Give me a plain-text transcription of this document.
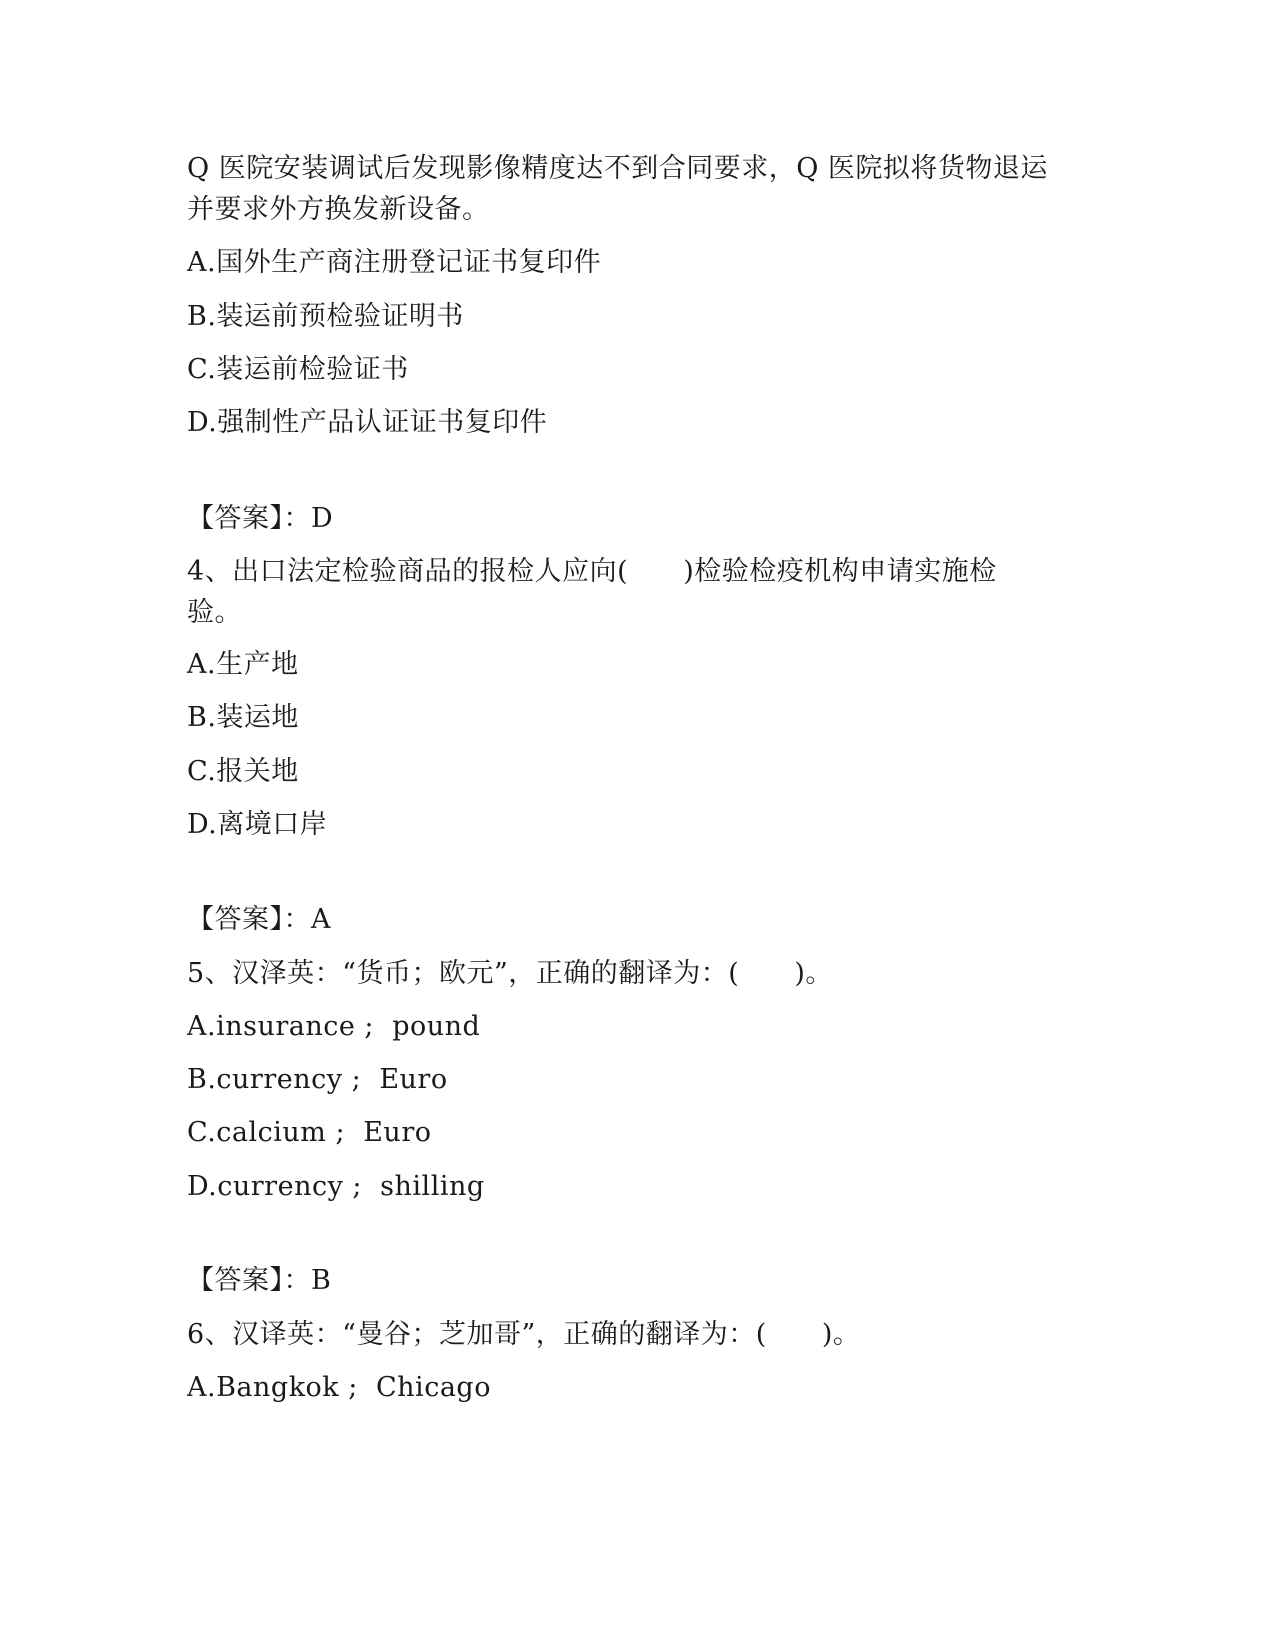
Q 医院安装调试后发现影像精度达不到合同要求，Q 医院拟将货物退运
并要求外方换发新设备。
A.国外生产商注册登记证书复印件
B.装运前预检验证明书
C.装运前检验证书
D.强制性产品认证证书复印件
【答案】：D
4、出口法定检验商品的报检人应向(　　)检验检疫机构申请实施检
验。
A.生产地
B.装运地
C.报关地
D.离境口岸
【答案】：A
5、汉泽英：“货币；欧元”，正确的翻译为：(　　)。
A.insurance ;  pound
B.currency ;  Euro
C.calcium ;  Euro
D.currency ;  shilling
【答案】：B
6、汉译英：“曼谷；芝加哥”，正确的翻译为：(　　)。
A.Bangkok ;  Chicago
